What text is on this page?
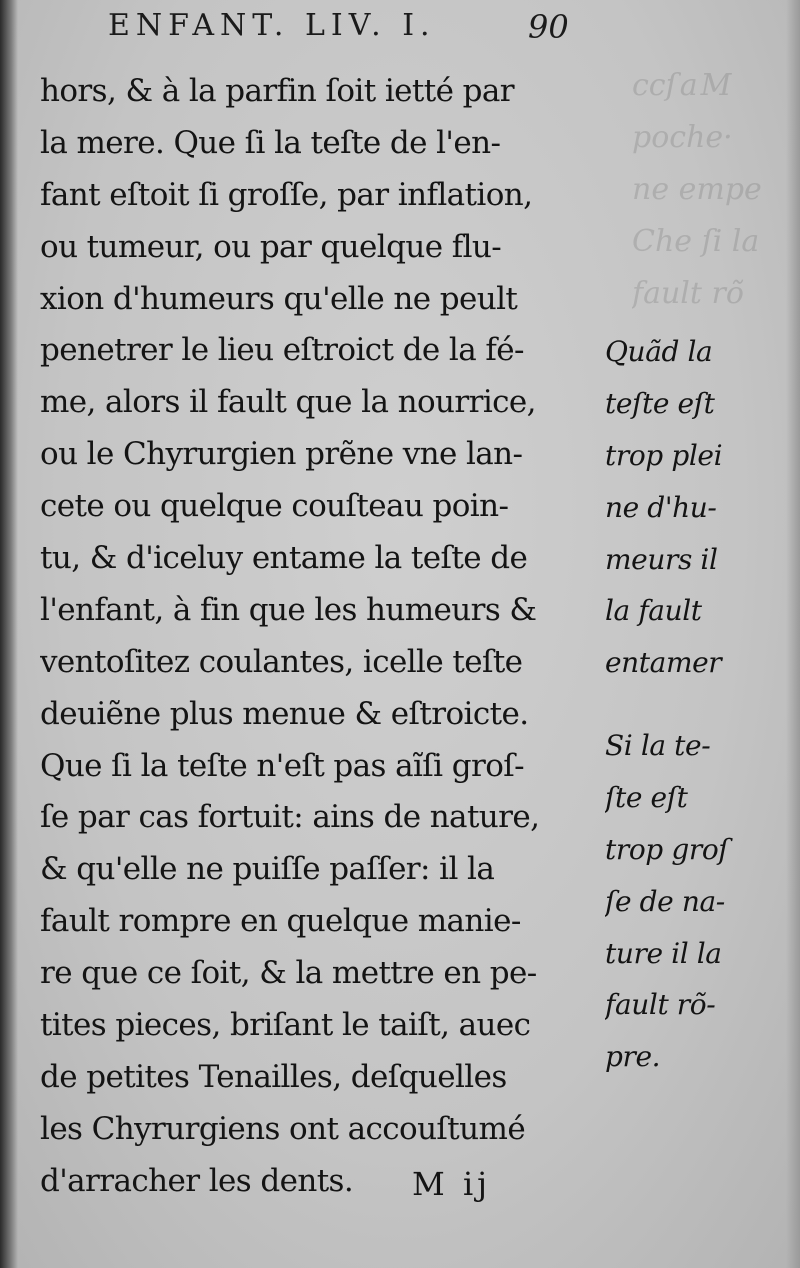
ccſ a M
poche·
ne empe
Che ſi la
fault rõ
ENFANT. LIV. I.	90
hors, & à la parfin ſoit ietté par
la mere. Que ſi la teſte de l'en-
fant eſtoit ſi groſſe, par inflation,
ou tumeur, ou par quelque flu-
xion d'humeurs qu'elle ne peult
penetrer le lieu eſtroict de la fé-
me, alors il fault que la nourrice,
ou le Chyrurgien prẽne vne lan-
cete ou quelque couſteau poin-
tu, & d'iceluy entame la teſte de
l'enfant, à fin que les humeurs &
ventoſitez coulantes, icelle teſte
deuiẽne plus menue & eſtroicte.
Que ſi la teſte n'eſt pas aĩſi groſ-
ſe par cas fortuit: ains de nature,
& qu'elle ne puiſſe paſſer: il la
fault rompre en quelque manie-
re que ce ſoit, & la mettre en pe-
tites pieces, briſant le taiſt, auec
de petites Tenailles, deſquelles
les Chyrurgiens ont accouſtumé
d'arracher les dents.
Quãd la
teſte eſt
trop plei
ne d'hu-
meurs il
la fault
entamer
Si la te-
ſte eſt
trop groſ
ſe de na-
ture il la
fault rõ-
pre.
M ij
